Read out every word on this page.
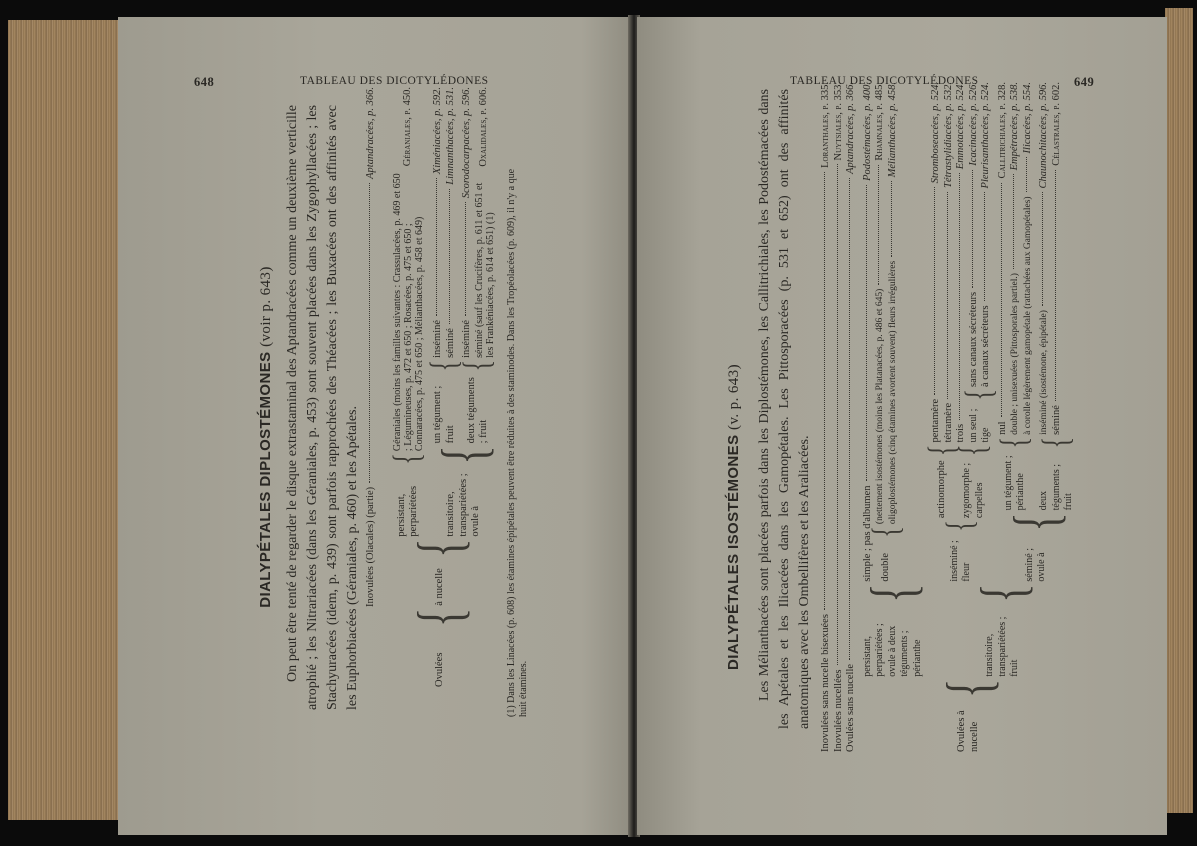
648	TABLEAU DES DICOTYLÉDONES
DIALYPÉTALES DIPLOSTÉMONES (voir p. 643) On peut être tenté de regarder le disque extrastaminal des Aptandracées comme un deuxième verticille atrophié ; les Nitrariacées (dans les Géraniales, p. 453) sont souvent placées dans les Zygophyllacées ; les Stachyuracées (idem, p. 439) sont parfois rapprochées des Théacées ; les Buxacées ont des affinités avec les Euphorbiacées (Géraniales, p. 460) et les Apétales. Inovulées (Olacales) (partie)
Aptandracées, p. 366.
Ovulées
{
à nucelle
{
persistant, perpariétées
{
Géraniales (moins les familles suivantes : Crassulacées, p. 469 et 650 ; Légumineuses, p. 472 et 650 ; Rosacées, p. 475 et 650 ; Connaracées, p. 475 et 650 ; Mélianthacées, p. 458 et 649)
Géraniales, p. 450.
transitoire, transpariétées ; ovule à
{
un tégument ; fruit
{
inséminé
Ximéniacées, p. 592.
séminé
Limnanthacées, p. 531.
deux téguments ; fruit
{
inséminé
Scorodocarpacées, p. 596.
séminé (sauf les Crucifères, p. 611 et 651 et les Frankéniacées, p. 614 et 651) (1)
Oxalidales, p. 606.

(1) Dans les Linacées (p. 608) les étamines épipétales peuvent être réduites à des staminodes. Dans les Tropéolacées (p. 609), il n'y a que huit étamines.

TABLEAU DES DICOTYLÉDONES	649
DIALYPÉTALES ISOSTÉMONES (v. p. 643) Les Mélianthacées sont placées parfois dans les Diplostémones, les Callitrichiales, les Podostémacées dans les Apétales et les Ilicacées dans les Gamopétales. Les Pittosporacées (p. 531 et 652) ont des affinités anatomiques avec les Ombellifères et les Araliacées. Inovulées sans nucelle bisexuées
Loranthales, p. 335.
Inovulées nucellées
Nuytsiales, p. 353.
Ovulées sans nucelle
Aptandracées, p. 366.
Ovulées à nucelle
{
persistant, perpariétées ; ovule à deux téguments ; périanthe
{
simple ; pas d'albumen
Podostémacées, p. 400.
double
{
(nettement isostémones (moins les Platanacées, p. 486 et 645)
Rhamnales, p. 485.
oligoplostémones (cinq étamines avortent souvent) fleurs irrégulières
Mélianthacées, p. 458.
transitoire, transpariétées ; fruit
{
inséminé ; fleur
{
actinomorphe
{
pentamère
Stromboseacées, p. 524.
tétramère
Tétrastylidiacées, p. 532.
zygomorphe ; carpelles
{
trois
Emmotacées, p. 524.
un seul ; tige
{
sans canaux sécréteurs
Icacinacées, p. 526.
à canaux sécréteurs
Pleurisanthacées, p. 524.
séminé ; ovule à
{
un tégument ; périanthe
{
nul
Callitrichiales, p. 328.
double ; unisexuées (Pittosporales partiel.)
Empétracées, p. 538.
à corolle légèrement gamopétale (rattachées aux Gamopétales)
Ilicacées, p. 554.
deux téguments ; fruit
{
inséminé (isostémone, épipétale)
Chaunochitacées, p. 596.
séminé
Célastrales, p. 602.
